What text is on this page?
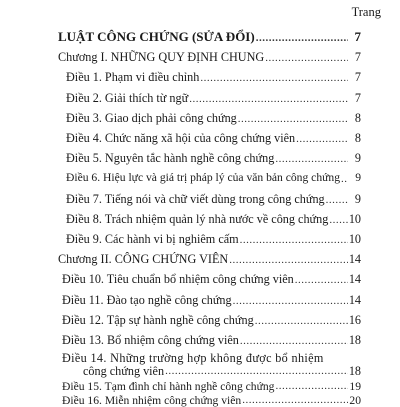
Trang

LUẬT CÔNG CHỨNG (SỬA ĐỔI) .....	7
Chương I. NHỮNG QUY ĐỊNH CHUNG .....	7
Điều 1. Phạm vi điều chỉnh .....	7
Điều 2. Giải thích từ ngữ .....	7
Điều 3. Giao dịch phải công chứng .....	8
Điều 4. Chức năng xã hội của công chứng viên .....	8
Điều 5. Nguyên tắc hành nghề công chứng .....	9
Điều 6. Hiệu lực và giá trị pháp lý của văn bản công chứng .....	9
Điều 7. Tiếng nói và chữ viết dùng trong công chứng .....	9
Điều 8. Trách nhiệm quản lý nhà nước về công chứng ..... 10
Điều 9. Các hành vi bị nghiêm cấm .....	10
Chương II. CÔNG CHỨNG VIÊN .....	14
Điều 10. Tiêu chuẩn bổ nhiệm công chứng viên .....	14
Điều 11. Đào tạo nghề công chứng .....	14
Điều 12. Tập sự hành nghề công chứng .....	16
Điều 13. Bổ nhiệm công chứng viên .....	18
Điều 14. Những trường hợp không được bổ nhiệm
công chứng viên .....	18
Điều 15. Tạm đình chỉ hành nghề công chứng .....	19
Điều 16. Miễn nhiệm công chứng viên .....	20
